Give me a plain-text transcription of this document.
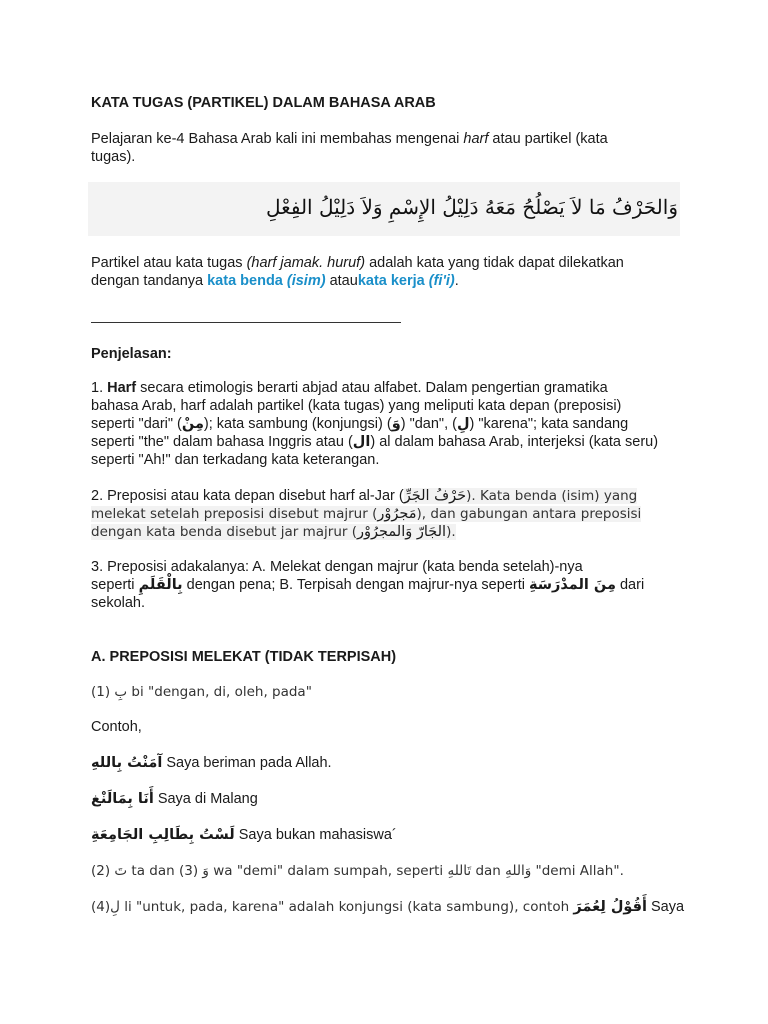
KATA TUGAS (PARTIKEL) DALAM BAHASA ARAB

Pelajaran ke-4 Bahasa Arab kali ini membahas mengenai harf atau partikel (kata
tugas).

وَالحَرْفُ مَا لاَ يَصْلُحُ مَعَهُ دَلِيْلُ الإِسْمِ وَلاَ دَلِيْلُ الفِعْلِ

Partikel atau kata tugas (harf jamak. huruf) adalah kata yang tidak dapat dilekatkan
dengan tandanya kata benda (isim) ataukata kerja (fi'i).

Penjelasan:

1. Harf secara etimologis berarti abjad atau alfabet. Dalam pengertian gramatika
bahasa Arab, harf adalah partikel (kata tugas) yang meliputi kata depan (preposisi)
seperti "dari" (مِنْ); kata sambung (konjungsi) (وَ) "dan", (لِ) "karena"; kata sandang
seperti "the" dalam bahasa Inggris atau (ال) al dalam bahasa Arab, interjeksi (kata seru)
seperti "Ah!" dan terkadang kata keterangan.

2. Preposisi atau kata depan disebut harf al-Jar (حَرْفُ الجَرِّ). Kata benda (isim) yang
melekat setelah preposisi disebut majrur (مَجرُوْر), dan gabungan antara preposisi
dengan kata benda disebut jar majrur (الجَارّ وَالمجرُوْر).

3. Preposisi adakalanya: A. Melekat dengan majrur (kata benda setelah)-nya
seperti بِالْقَلَمِ dengan pena; B. Terpisah dengan majrur-nya seperti مِنَ المدْرَسَةِ dari
sekolah.

A. PREPOSISI MELEKAT (TIDAK TERPISAH)

(1) بِ bi "dengan, di, oleh, pada"

Contoh,

آمَنْتُ بِاللهِ Saya beriman pada Allah.

أَنَا بِمَالَنْغ Saya di Malang

لَسْتُ بِطَالِبِ الجَامِعَةِ Saya bukan mahasiswa´

(2) تَ ta dan (3) وَ wa "demi" dalam sumpah, seperti تَاللهِ dan وَاللهِ "demi Allah".

(4)لِ li "untuk, pada, karena" adalah konjungsi (kata sambung), contoh أَقُوْلُ لِعُمَرَ Saya
